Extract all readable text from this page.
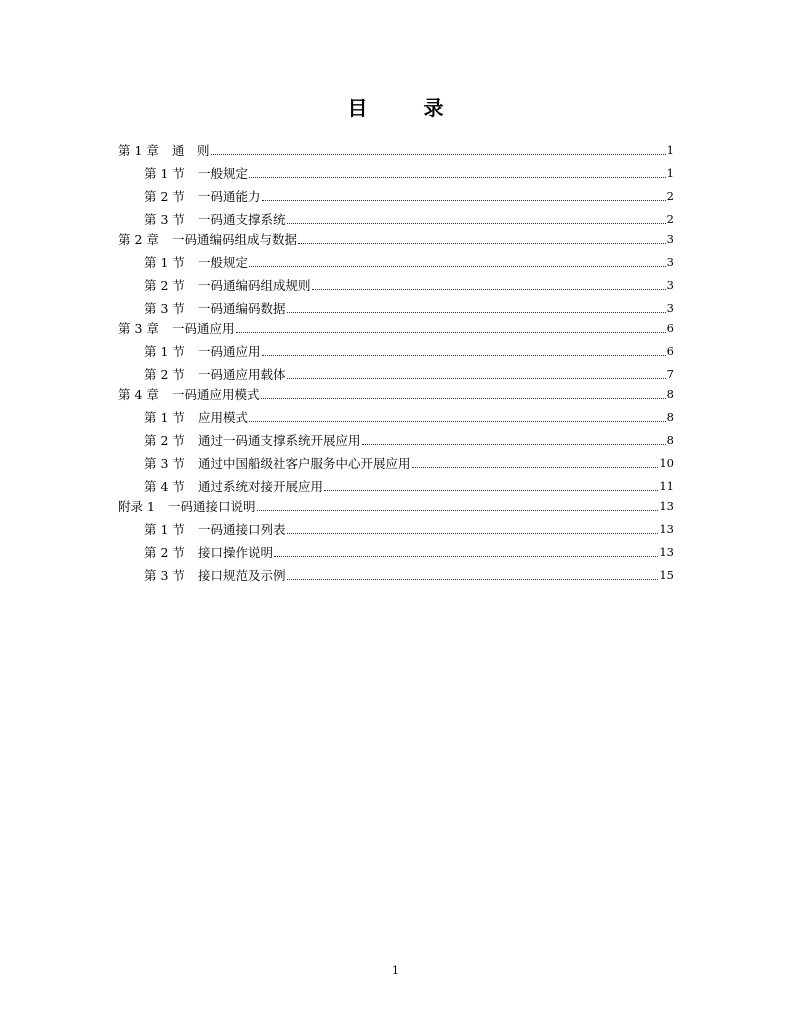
目　录
第 1 章	通　则	1
第 1 节	一般规定	1
第 2 节	一码通能力	2
第 3 节	一码通支撑系统	2
第 2 章	一码通编码组成与数据	3
第 1 节	一般规定	3
第 2 节	一码通编码组成规则	3
第 3 节	一码通编码数据	3
第 3 章	一码通应用	6
第 1 节	一码通应用	6
第 2 节	一码通应用载体	7
第 4 章	一码通应用模式	8
第 1 节	应用模式	8
第 2 节	通过一码通支撑系统开展应用	8
第 3 节	通过中国船级社客户服务中心开展应用	10
第 4 节	通过系统对接开展应用	11
附录 1	一码通接口说明	13
第 1 节	一码通接口列表	13
第 2 节	接口操作说明	13
第 3 节	接口规范及示例	15
1
